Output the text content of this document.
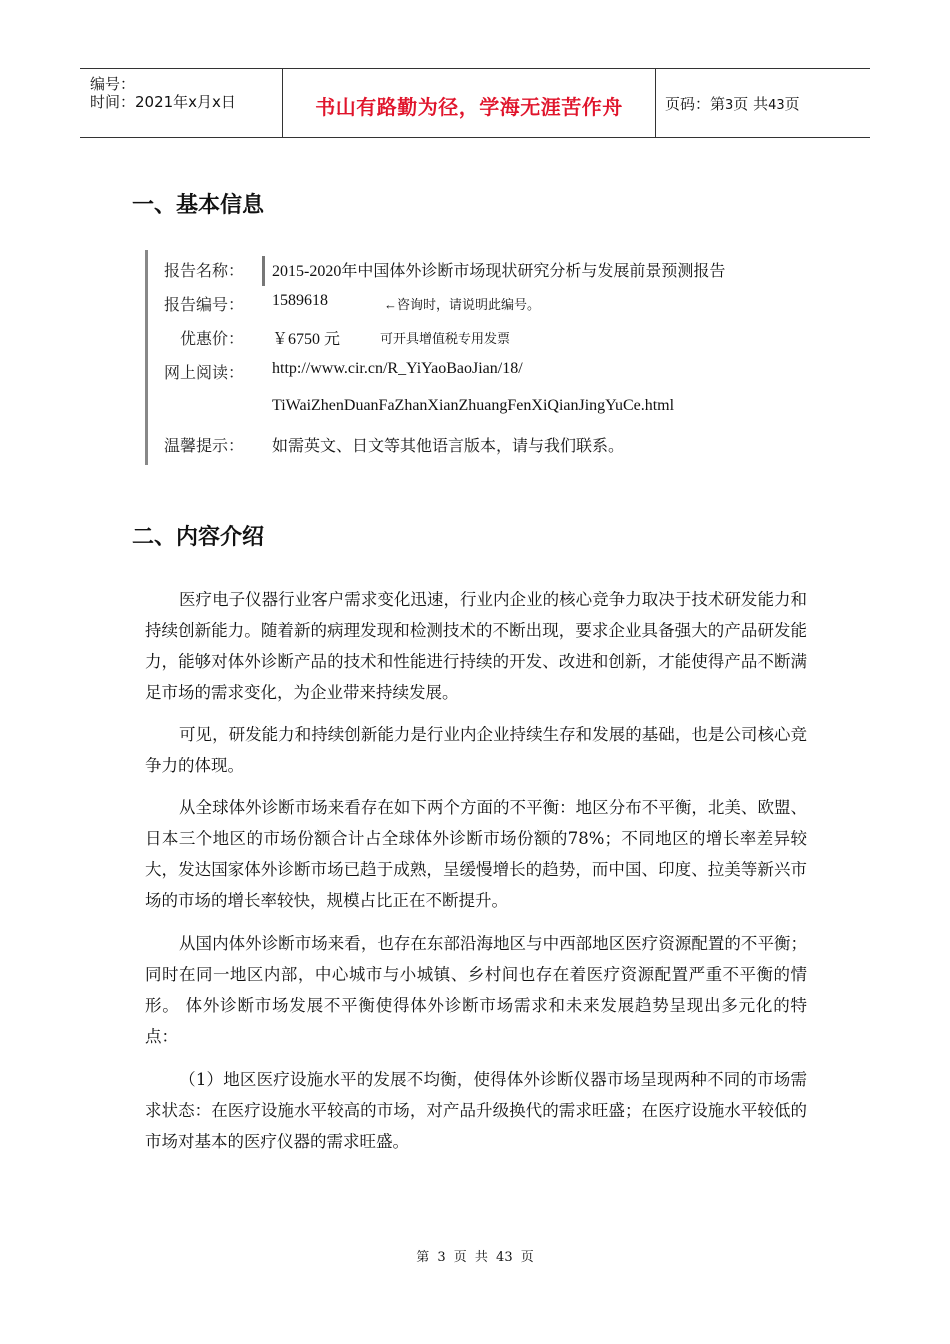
编号：
时间：2021年x月x日	书山有路勤为径，学海无涯苦作舟	页码：第3页 共43页
一、基本信息
报告名称： 2015-2020年中国体外诊断市场现状研究分析与发展前景预测报告
报告编号： 1589618	←咨询时，请说明此编号。
优惠价： ￥6750 元	可开具增值税专用发票
网上阅读： http://www.cir.cn/R_YiYaoBaoJian/18/
TiWaiZhenDuanFaZhanXianZhuangFenXiQianJingYuCe.html
温馨提示： 如需英文、日文等其他语言版本，请与我们联系。
二、内容介绍
医疗电子仪器行业客户需求变化迅速，行业内企业的核心竞争力取决于技术研发能力和持续创新能力。随着新的病理发现和检测技术的不断出现，要求企业具备强大的产品研发能力，能够对体外诊断产品的技术和性能进行持续的开发、改进和创新，才能使得产品不断满足市场的需求变化，为企业带来持续发展。
可见，研发能力和持续创新能力是行业内企业持续生存和发展的基础，也是公司核心竞争力的体现。
从全球体外诊断市场来看存在如下两个方面的不平衡：地区分布不平衡，北美、欧盟、日本三个地区的市场份额合计占全球体外诊断市场份额的78%；不同地区的增长率差异较大，发达国家体外诊断市场已趋于成熟，呈缓慢增长的趋势，而中国、印度、拉美等新兴市场的市场的增长率较快，规模占比正在不断提升。
从国内体外诊断市场来看，也存在东部沿海地区与中西部地区医疗资源配置的不平衡；同时在同一地区内部，中心城市与小城镇、乡村间也存在着医疗资源配置严重不平衡的情形。 体外诊断市场发展不平衡使得体外诊断市场需求和未来发展趋势呈现出多元化的特点：
（1）地区医疗设施水平的发展不均衡，使得体外诊断仪器市场呈现两种不同的市场需求状态：在医疗设施水平较高的市场，对产品升级换代的需求旺盛；在医疗设施水平较低的市场对基本的医疗仪器的需求旺盛。
第 3 页 共 43 页
